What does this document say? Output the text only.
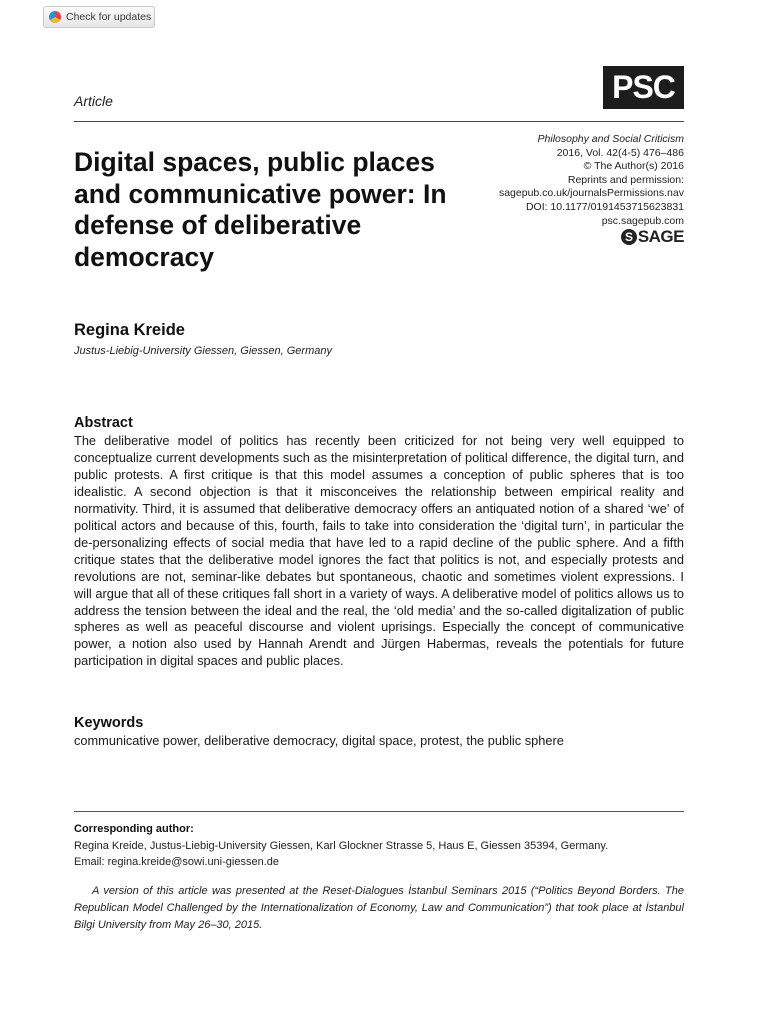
Check for updates
Article	PSC
Digital spaces, public places and communicative power: In defense of deliberative democracy
Philosophy and Social Criticism
2016, Vol. 42(4-5) 476–486
© The Author(s) 2016
Reprints and permission:
sagepub.co.uk/journalsPermissions.nav
DOI: 10.1177/0191453715623831
psc.sagepub.com
S SAGE
Regina Kreide
Justus-Liebig-University Giessen, Giessen, Germany
Abstract

The deliberative model of politics has recently been criticized for not being very well equipped to conceptualize current developments such as the misinterpretation of political difference, the digital turn, and public protests. A first critique is that this model assumes a conception of public spheres that is too idealistic. A second objection is that it misconceives the relationship between empirical reality and normativity. Third, it is assumed that deliberative democracy offers an antiquated notion of a shared ‘we’ of political actors and because of this, fourth, fails to take into consideration the ‘digital turn’, in particular the de-personalizing effects of social media that have led to a rapid decline of the public sphere. And a fifth critique states that the deliberative model ignores the fact that politics is not, and especially protests and revolutions are not, seminar-like debates but spontaneous, chaotic and sometimes violent expressions. I will argue that all of these critiques fall short in a variety of ways. A deliberative model of politics allows us to address the tension between the ideal and the real, the ‘old media’ and the so-called digitalization of public spheres as well as peaceful discourse and violent uprisings. Especially the concept of communicative power, a notion also used by Hannah Arendt and Jürgen Habermas, reveals the potentials for future participation in digital spaces and public places.

Keywords
communicative power, deliberative democracy, digital space, protest, the public sphere
Corresponding author:
Regina Kreide, Justus-Liebig-University Giessen, Karl Glockner Strasse 5, Haus E, Giessen 35394, Germany.
Email: regina.kreide@sowi.uni-giessen.de

A version of this article was presented at the Reset-Dialogues İstanbul Seminars 2015 (“Politics Beyond Borders. The Republican Model Challenged by the Internationalization of Economy, Law and Communication”) that took place at İstanbul Bilgi University from May 26–30, 2015.
